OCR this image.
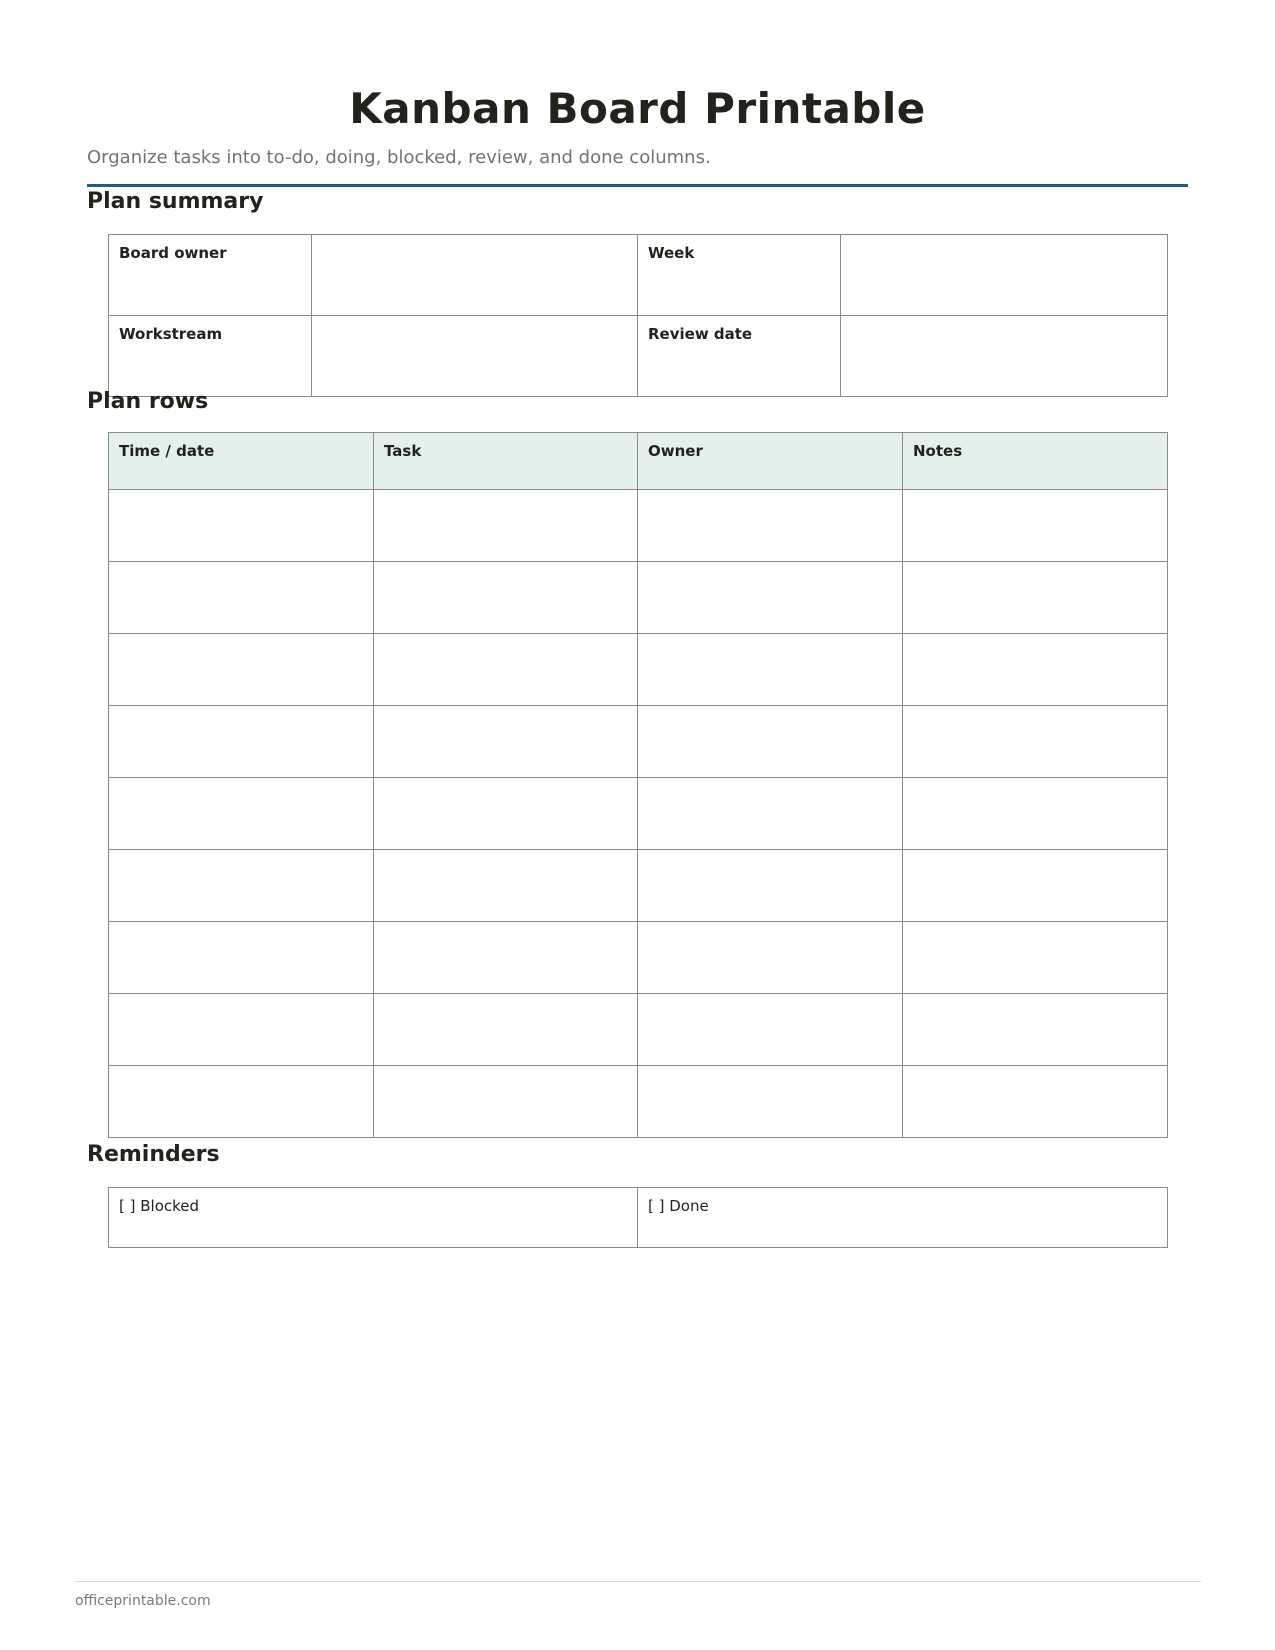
Kanban Board Printable

Organize tasks into to-do, doing, blocked, review, and done columns.

Plan summary
Board owner		Week	
Workstream		Review date	
Plan rows
Time / date	Task	Owner	Notes

Reminders
[ ] Blocked	[ ] Done

officeprintable.com
